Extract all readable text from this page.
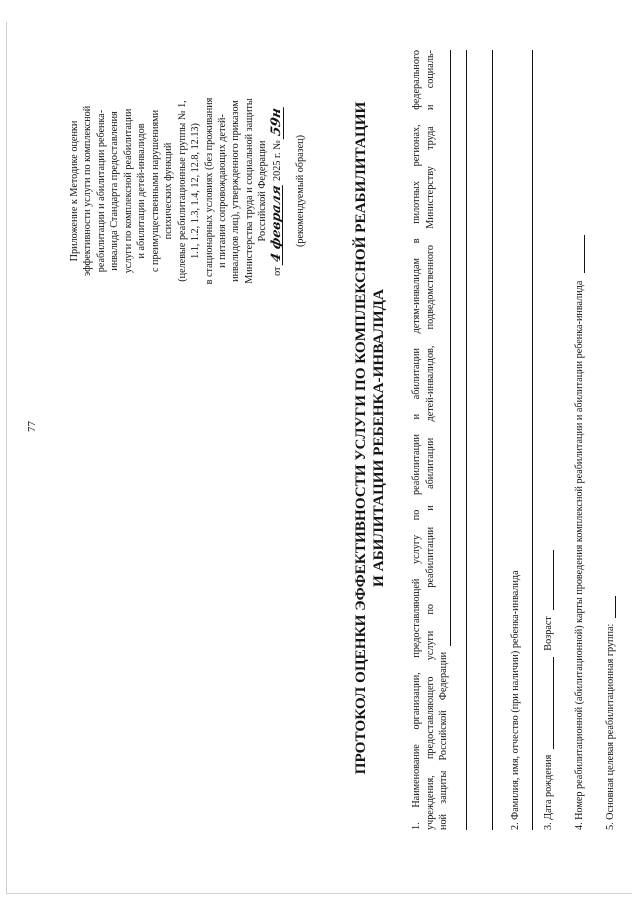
77

Приложение к Методике оценки эффективности услуги по комплексной реабилитации и абилитации ребенка- инвалида Стандарта предоставления услуги по комплексной реабилитации и абилитации детей-инвалидов с преимущественными нарушениями психических функций (целевые реабилитационные группы № 1, 1.1, 1.2, 1.3, 1.4, 12, 12.8, 12.13) в стационарных условиях (без проживания и питания сопровождающих детей- инвалидов лиц), утвержденного приказом Министерства труда и социальной защиты Российской Федерации

от 4 февраля 2025 г. № 59н

(рекомендуемый образец)	ПРОТОКОЛ ОЦЕНКИ ЭФФЕКТИВНОСТИ УСЛУГИ ПО КОМПЛЕКСНОЙ РЕАБИЛИТАЦИИ И АБИЛИТАЦИИ РЕБЕНКА-ИНВАЛИДА 1. Наименование организации, предоставляющей услугу по реабилитации и абилитации детям-инвалидам в пилотных регионах, федерального учреждения, предоставляющего услуги по реабилитации и абилитации детей-инвалидов, подведомственного Министерству труда и социаль- ной    защиты    Российской    Федерации	2. Фамилия, имя, отчество (при наличии) ребенка-инвалида 3. Дата рождения
Возраст 4. Номер реабилитационной (абилитационной) карты проведения комплексной реабилитации и абилитации ребенка-инвалида 5. Основная целевая реабилитационная группа:
